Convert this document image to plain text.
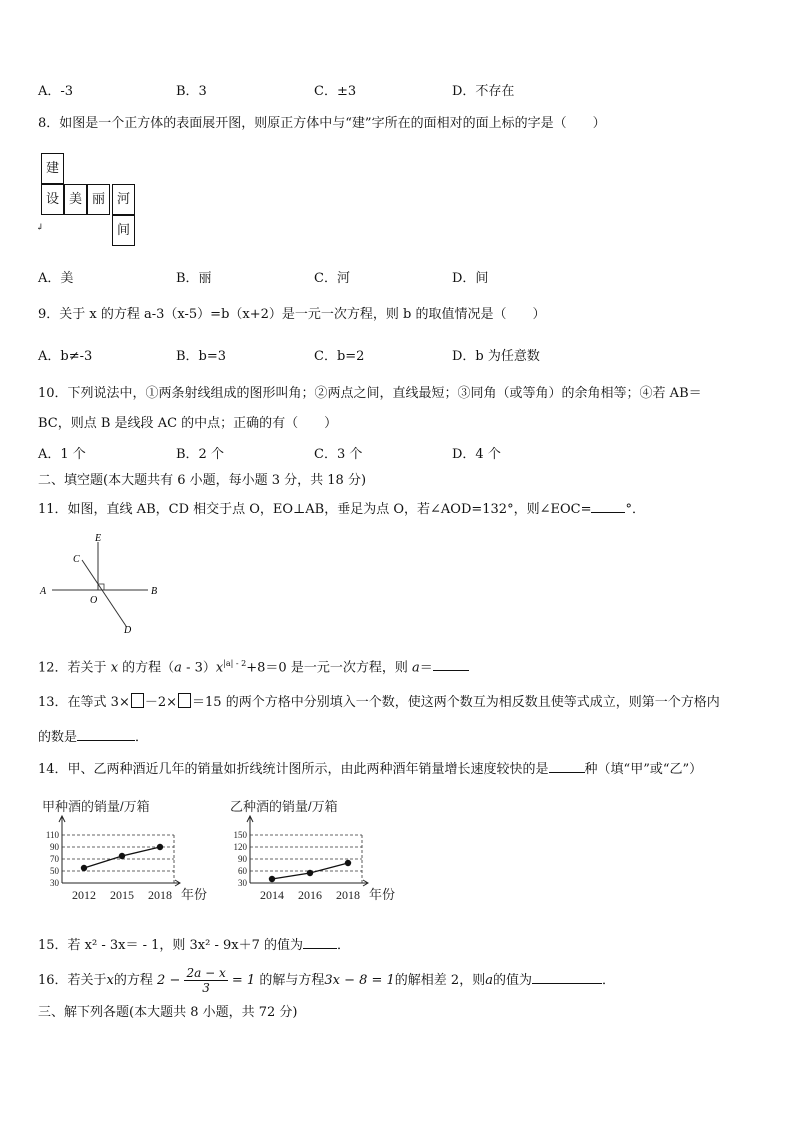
A．-3	B．3	C．±3	D．不存在
8．如图是一个正方体的表面展开图，则原正方体中与“建”字所在的面相对的面上标的字是（　　）
建
设 美 丽 河
间
↲
A．美	B．丽	C．河	D．间
9．关于 x 的方程 a-3（x-5）=b（x+2）是一元一次方程，则 b 的取值情况是（　　）
A．b≠-3	B．b=3	C．b=2	D．b 为任意数
10．下列说法中，①两条射线组成的图形叫角；②两点之间，直线最短；③同角（或等角）的余角相等；④若 AB＝
BC，则点 B 是线段 AC 的中点；正确的有（　　）
A．1 个	B．2 个	C．3 个	D．4 个
二、填空题(本大题共有 6 小题，每小题 3 分，共 18 分)
11．如图，直线 AB，CD 相交于点 O，EO⊥AB，垂足为点 O，若∠AOD=132°，则∠EOC=	°．
A	B
C
D
E
O
12．若关于 x 的方程$(a - 3)x^{|a| - 2}+8=0$ 是一元一次方程，则 a＝
13．在等式 3× －2× ＝15 的两个方格中分别填入一个数，使这两个数互为相反数且使等式成立，则第一个方格内
的数是	．
14．甲、乙两种酒近几年的销量如折线统计图所示，由此两种酒年销量增长速度较快的是	种（填“甲”或“乙”）
甲种酒的销量/万箱
30
50
70
90
110
2012 2015 2018 年份
乙种酒的销量/万箱
30
60
90
120
150
2014 2016 2018 年份
15．若 x² - 3x＝ - 1，则 3x² - 9x＋7 的值为	．
16．若关于x的方程 $2 - \frac{2a - x}{3} = 1$ 的解与方程3x − 8 = 1的解相差 2，则a的值为	．
三、解下列各题(本大题共 8 小题，共 72 分)
